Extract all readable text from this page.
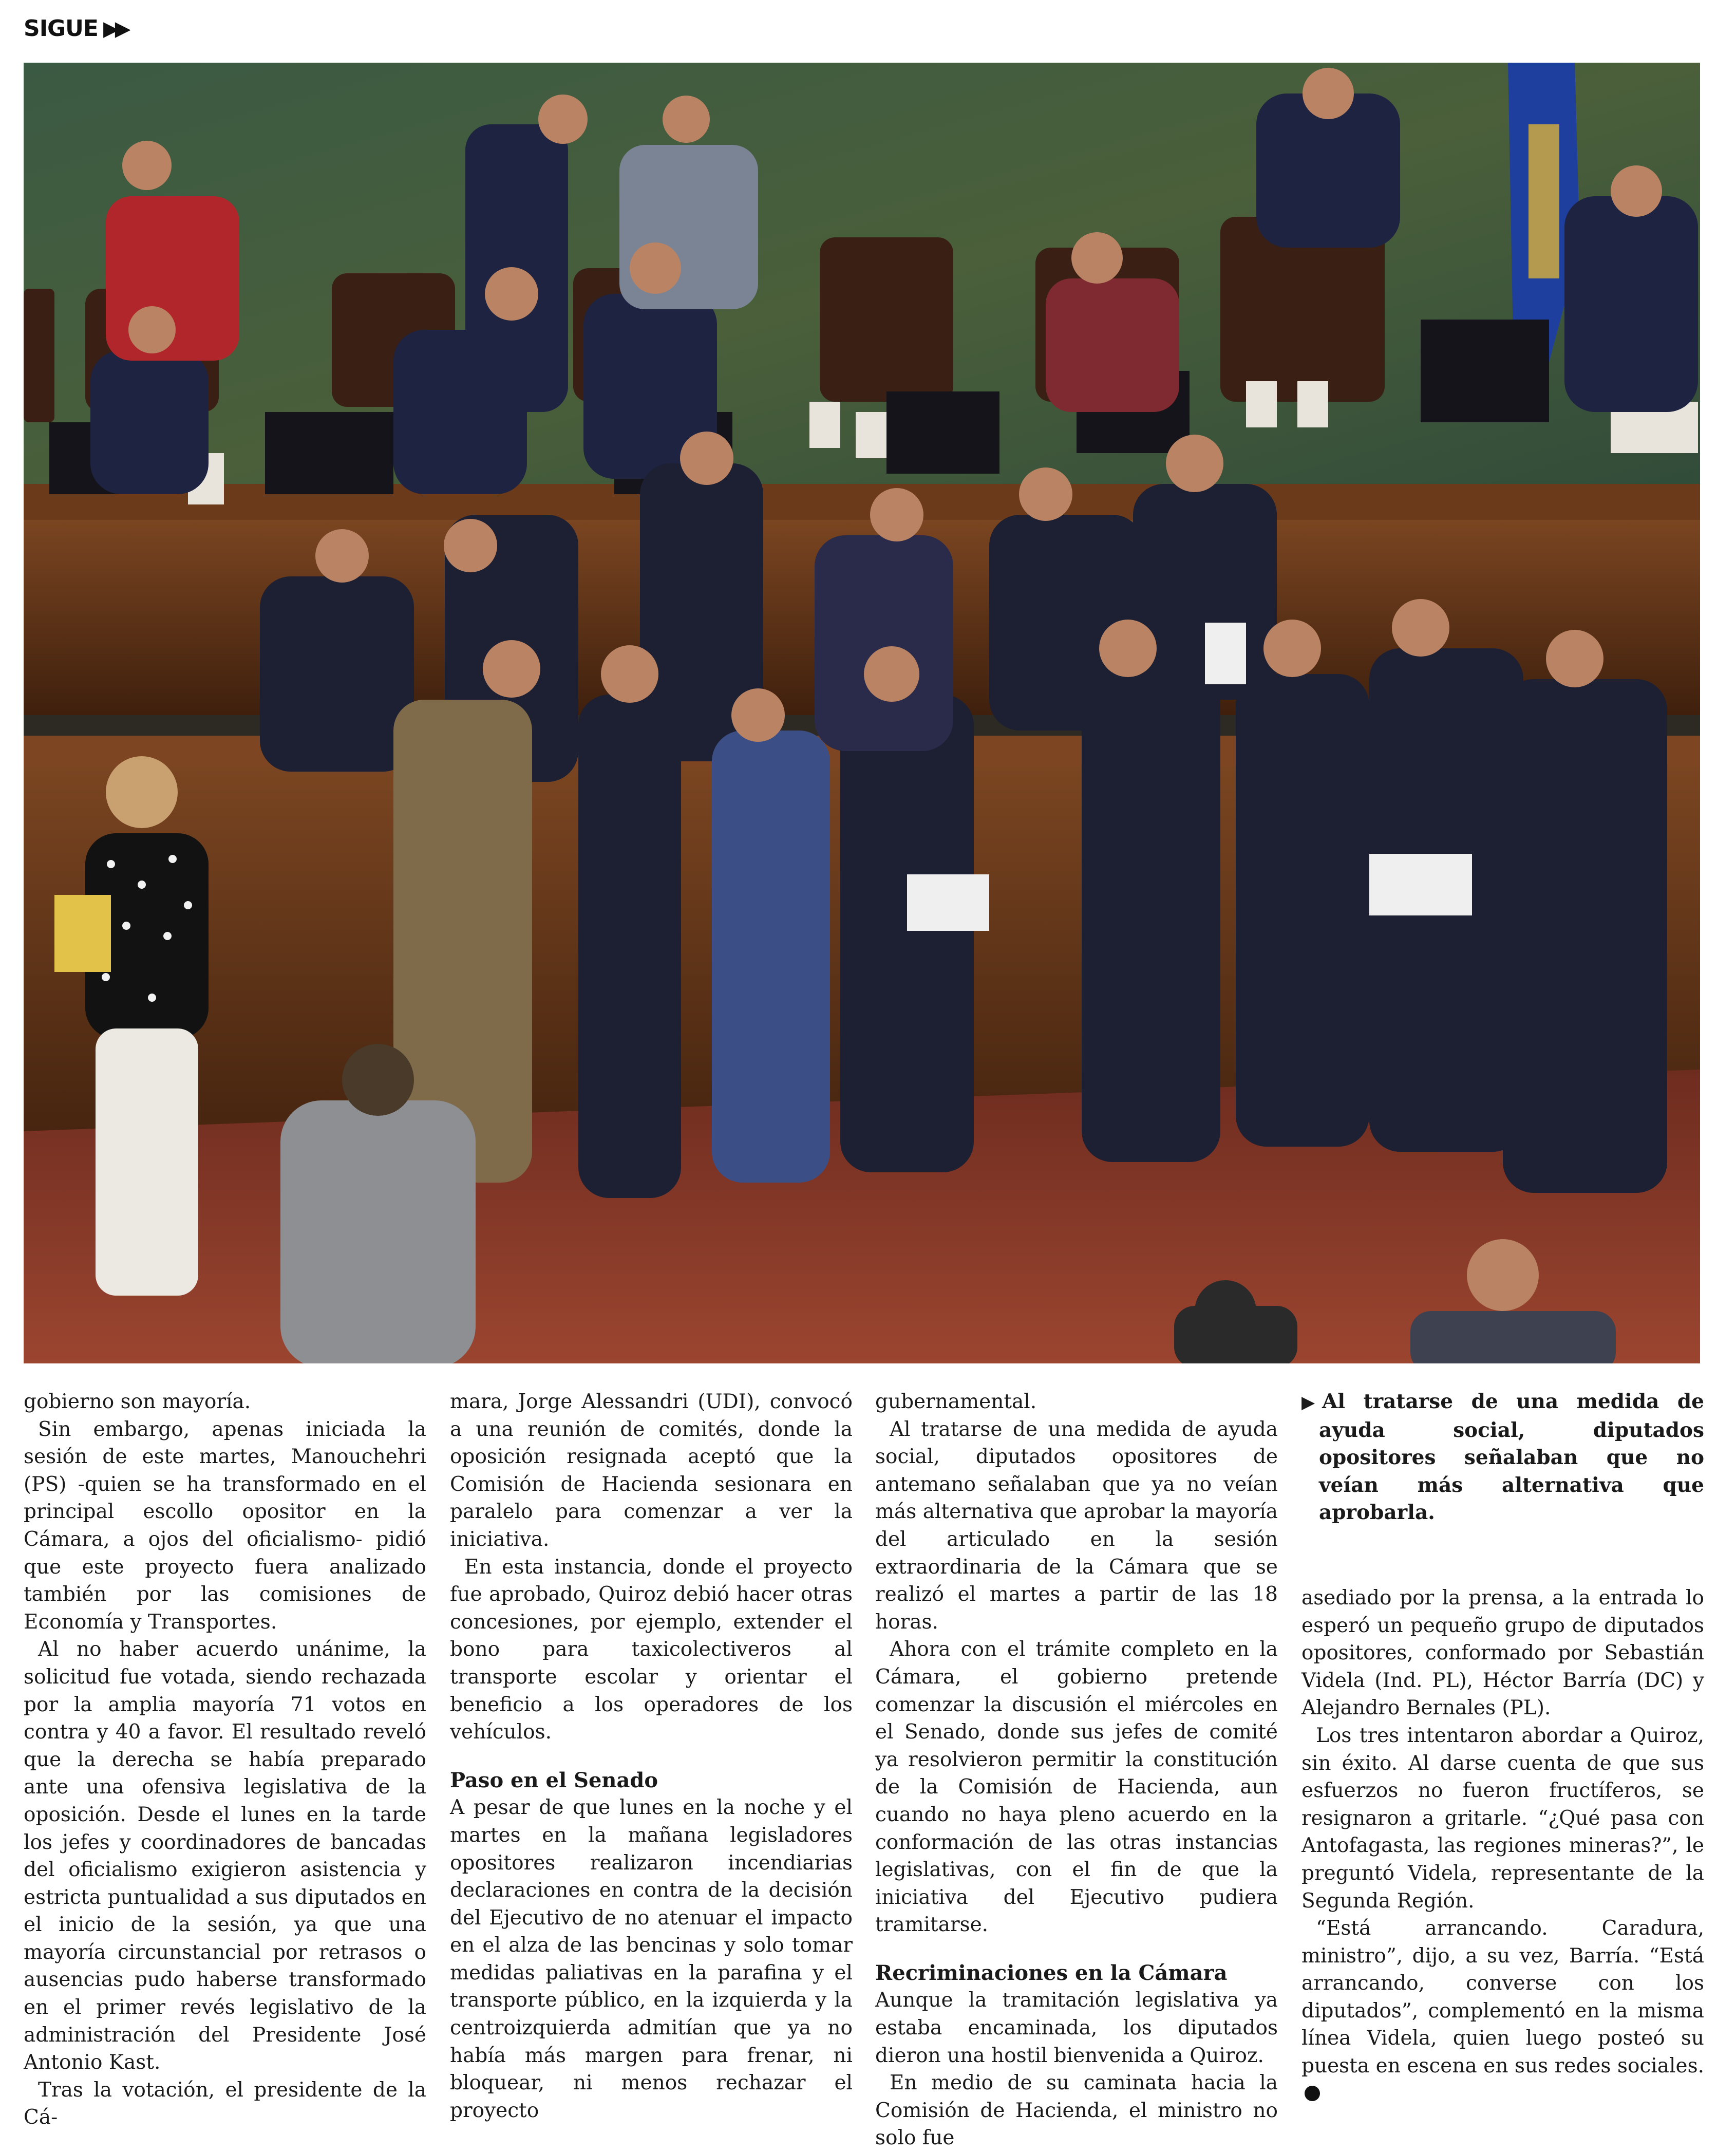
SIGUE ▶▶

gobierno son mayoría.

Sin embargo, apenas iniciada la sesión de este martes, Manouchehri (PS) -quien se ha transformado en el principal escollo opositor en la Cámara, a ojos del oficialismo- pidió que este proyecto fuera analizado también por las comisiones de Economía y Transportes.

Al no haber acuerdo unánime, la solicitud fue votada, siendo rechazada por la amplia mayoría 71 votos en contra y 40 a favor. El resultado reveló que la derecha se había preparado ante una ofensiva legislativa de la oposición. Desde el lunes en la tarde los jefes y coordinadores de bancadas del oficialismo exigieron asistencia y estricta puntualidad a sus diputados en el inicio de la sesión, ya que una mayoría circunstancial por retrasos o ausencias pudo haberse transformado en el primer revés legislativo de la administración del Presidente José Antonio Kast.

Tras la votación, el presidente de la Cá-

mara, Jorge Alessandri (UDI), convocó a una reunión de comités, donde la oposición resignada aceptó que la Comisión de Hacienda sesionara en paralelo para comenzar a ver la iniciativa.

En esta instancia, donde el proyecto fue aprobado, Quiroz debió hacer otras concesiones, por ejemplo, extender el bono para taxicolectiveros al transporte escolar y orientar el beneficio a los operadores de los vehículos.

Paso en el Senado

A pesar de que lunes en la noche y el martes en la mañana legisladores opositores realizaron incendiarias declaraciones en contra de la decisión del Ejecutivo de no atenuar el impacto en el alza de las bencinas y solo tomar medidas paliativas en la parafina y el transporte público, en la izquierda y la centroizquierda admitían que ya no había más margen para frenar, ni bloquear, ni menos rechazar el proyecto

gubernamental.

Al tratarse de una medida de ayuda social, diputados opositores de antemano señalaban que ya no veían más alternativa que aprobar la mayoría del articulado en la sesión extraordinaria de la Cámara que se realizó el martes a partir de las 18 horas.

Ahora con el trámite completo en la Cámara, el gobierno pretende comenzar la discusión el miércoles en el Senado, donde sus jefes de comité ya resolvieron permitir la constitución de la Comisión de Hacienda, aun cuando no haya pleno acuerdo en la conformación de las otras instancias legislativas, con el fin de que la iniciativa del Ejecutivo pudiera tramitarse.

Recriminaciones en la Cámara

Aunque la tramitación legislativa ya estaba encaminada, los diputados dieron una hostil bienvenida a Quiroz.

En medio de su caminata hacia la Comisión de Hacienda, el ministro no solo fue

▶ Al tratarse de una medida de ayuda social, diputados opositores señalaban que no veían más alternativa que aprobarla.

asediado por la prensa, a la entrada lo esperó un pequeño grupo de diputados opositores, conformado por Sebastián Videla (Ind. PL), Héctor Barría (DC) y Alejandro Bernales (PL).

Los tres intentaron abordar a Quiroz, sin éxito. Al darse cuenta de que sus esfuerzos no fueron fructíferos, se resignaron a gritarle. “¿Qué pasa con Antofagasta, las regiones mineras?”, le preguntó Videla, representante de la Segunda Región.

“Está arrancando. Caradura, ministro”, dijo, a su vez, Barría. “Está arrancando, converse con los diputados”, complementó en la misma línea Videla, quien luego posteó su puesta en escena en sus redes sociales.
